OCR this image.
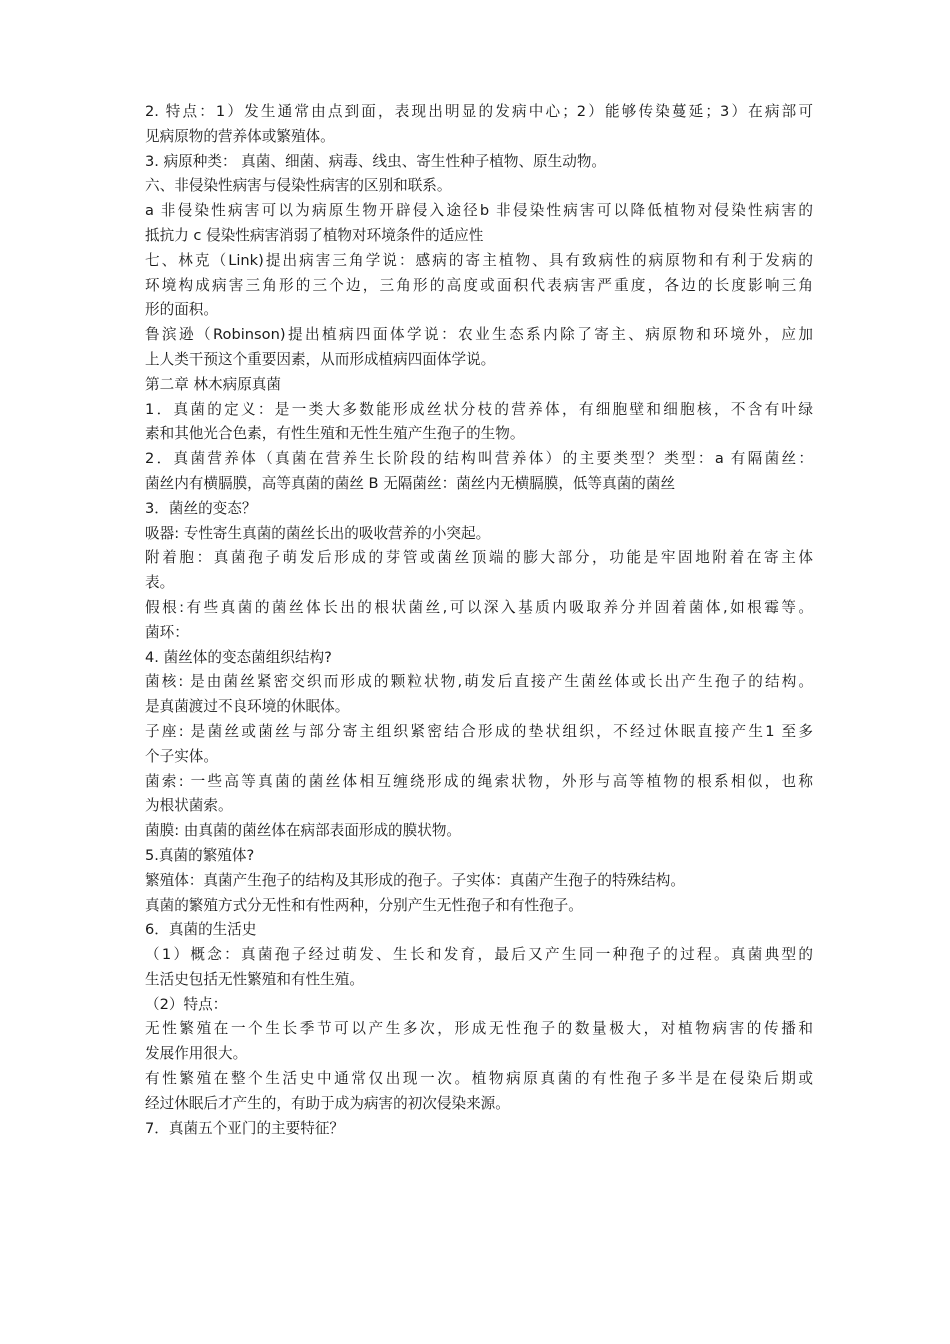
2. 特点：1）发生通常由点到面，表现出明显的发病中心；2）能够传染蔓延；3）在病部可
见病原物的营养体或繁殖体。
3. 病原种类： 真菌、细菌、病毒、线虫、寄生性种子植物、原生动物。
六、非侵染性病害与侵染性病害的区别和联系。
a 非侵染性病害可以为病原生物开辟侵入途径b 非侵染性病害可以降低植物对侵染性病害的
抵抗力 c 侵染性病害消弱了植物对环境条件的适应性
七、林克（Link)提出病害三角学说：感病的寄主植物、具有致病性的病原物和有利于发病的
环境构成病害三角形的三个边，三角形的高度或面积代表病害严重度，各边的长度影响三角
形的面积。
鲁滨逊（Robinson)提出植病四面体学说：农业生态系内除了寄主、病原物和环境外，应加
上人类干预这个重要因素，从而形成植病四面体学说。
第二章 林木病原真菌
1．真菌的定义：是一类大多数能形成丝状分枝的营养体，有细胞壁和细胞核，不含有叶绿
素和其他光合色素，有性生殖和无性生殖产生孢子的生物。
2．真菌营养体（真菌在营养生长阶段的结构叫营养体）的主要类型？类型：a 有隔菌丝：
菌丝内有横膈膜，高等真菌的菌丝 B 无隔菌丝：菌丝内无横膈膜，低等真菌的菌丝
3．菌丝的变态？
吸器: 专性寄生真菌的菌丝长出的吸收营养的小突起。
附着胞：真菌孢子萌发后形成的芽管或菌丝顶端的膨大部分，功能是牢固地附着在寄主体
表。
假根:有些真菌的菌丝体长出的根状菌丝,可以深入基质内吸取养分并固着菌体,如根霉等。
菌环：
4. 菌丝体的变态菌组织结构?
菌核: 是由菌丝紧密交织而形成的颗粒状物,萌发后直接产生菌丝体或长出产生孢子的结构。
是真菌渡过不良环境的休眠体。
子座: 是菌丝或菌丝与部分寄主组织紧密结合形成的垫状组织，不经过休眠直接产生1 至多
个子实体。
菌索: 一些高等真菌的菌丝体相互缠绕形成的绳索状物，外形与高等植物的根系相似，也称
为根状菌索。
菌膜: 由真菌的菌丝体在病部表面形成的膜状物。
5.真菌的繁殖体?
繁殖体：真菌产生孢子的结构及其形成的孢子。子实体：真菌产生孢子的特殊结构。
真菌的繁殖方式分无性和有性两种，分别产生无性孢子和有性孢子。
6．真菌的生活史
（1）概念：真菌孢子经过萌发、生长和发育，最后又产生同一种孢子的过程。真菌典型的
生活史包括无性繁殖和有性生殖。
（2）特点：
无性繁殖在一个生长季节可以产生多次，形成无性孢子的数量极大，对植物病害的传播和
发展作用很大。
有性繁殖在整个生活史中通常仅出现一次。植物病原真菌的有性孢子多半是在侵染后期或
经过休眠后才产生的，有助于成为病害的初次侵染来源。
7．真菌五个亚门的主要特征？
